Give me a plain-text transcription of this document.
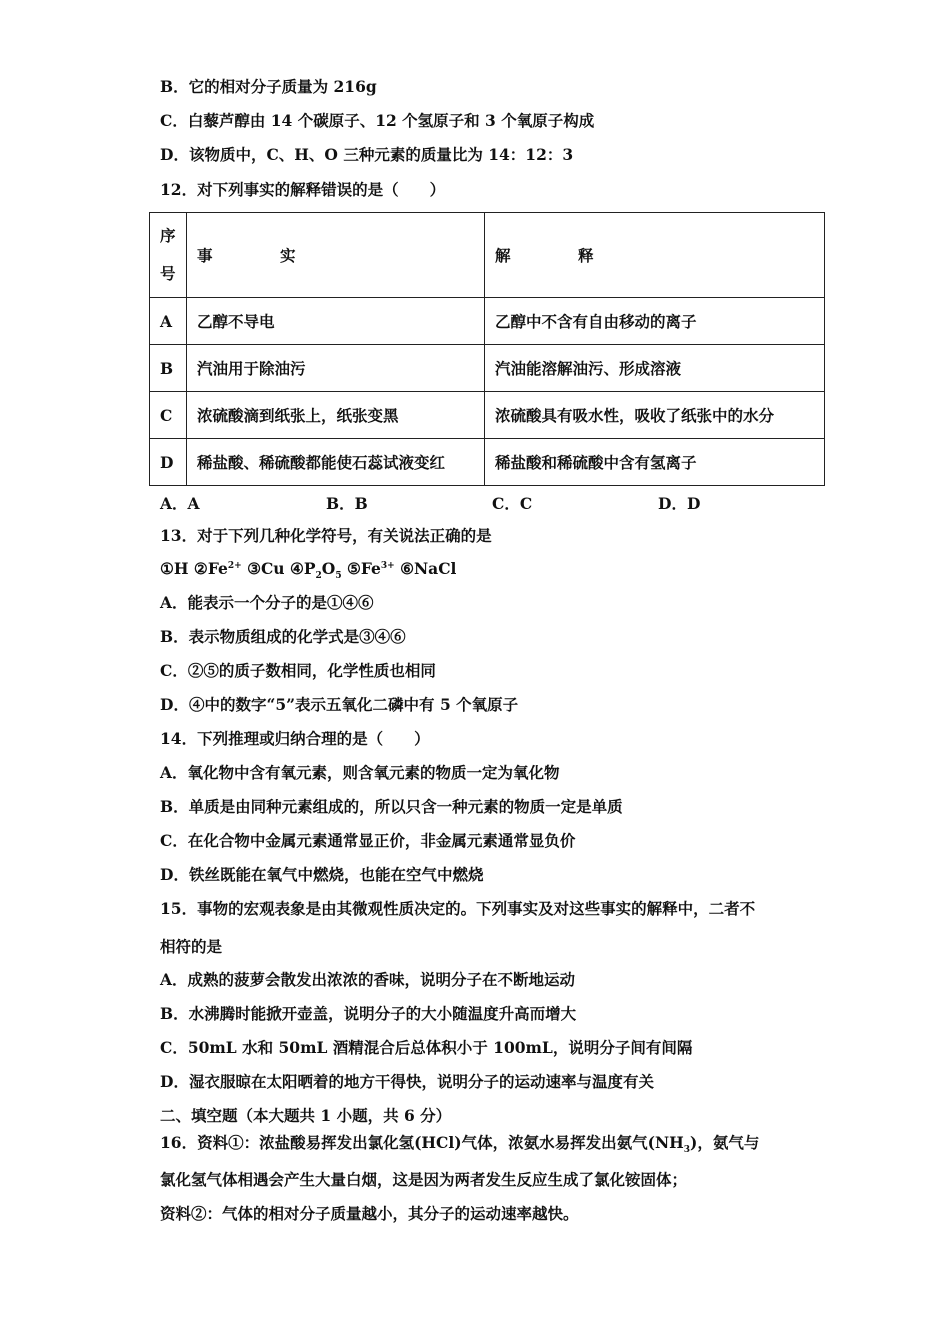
B．它的相对分子质量为 216g
C．白藜芦醇由 14 个碳原子、12 个氢原子和 3 个氧原子构成
D．该物质中，C、H、O 三种元素的质量比为 14：12：3
12．对下列事实的解释错误的是（　　）
序
号	事　实	解　释
A	乙醇不导电	乙醇中不含有自由移动的离子
B	汽油用于除油污	汽油能溶解油污、形成溶液
C	浓硫酸滴到纸张上，纸张变黑	浓硫酸具有吸水性，吸收了纸张中的水分
D	稀盐酸、稀硫酸都能使石蕊试液变红	稀盐酸和稀硫酸中含有氢离子
A．A	B．B	C．C	D．D
13．对于下列几种化学符号，有关说法正确的是
①H $②Fe^{2+}$ ③Cu $④P_2O_5$ $⑤Fe^{3+}$ ⑥NaCl
A．能表示一个分子的是①④⑥
B．表示物质组成的化学式是③④⑥
C．②⑤的质子数相同，化学性质也相同
D．④中的数字“5”表示五氧化二磷中有 5 个氧原子
14．下列推理或归纳合理的是（　　）
A．氧化物中含有氧元素，则含氧元素的物质一定为氧化物
B．单质是由同种元素组成的，所以只含一种元素的物质一定是单质
C．在化合物中金属元素通常显正价，非金属元素通常显负价
D．铁丝既能在氧气中燃烧，也能在空气中燃烧
15．事物的宏观表象是由其微观性质决定的。下列事实及对这些事实的解释中，二者不
相符的是
A．成熟的菠萝会散发出浓浓的香味，说明分子在不断地运动
B．水沸腾时能掀开壶盖，说明分子的大小随温度升高而增大
C．50mL 水和 50mL 酒精混合后总体积小于 100mL，说明分子间有间隔
D．湿衣服晾在太阳晒着的地方干得快，说明分子的运动速率与温度有关
二、填空题（本大题共 1 小题，共 6 分）
16．资料①：浓盐酸易挥发出氯化氢(HCl)气体，浓氨水易挥发出氨气$(NH_3)$，氨气与
氯化氢气体相遇会产生大量白烟，这是因为两者发生反应生成了氯化铵固体；
资料②：气体的相对分子质量越小，其分子的运动速率越快。
